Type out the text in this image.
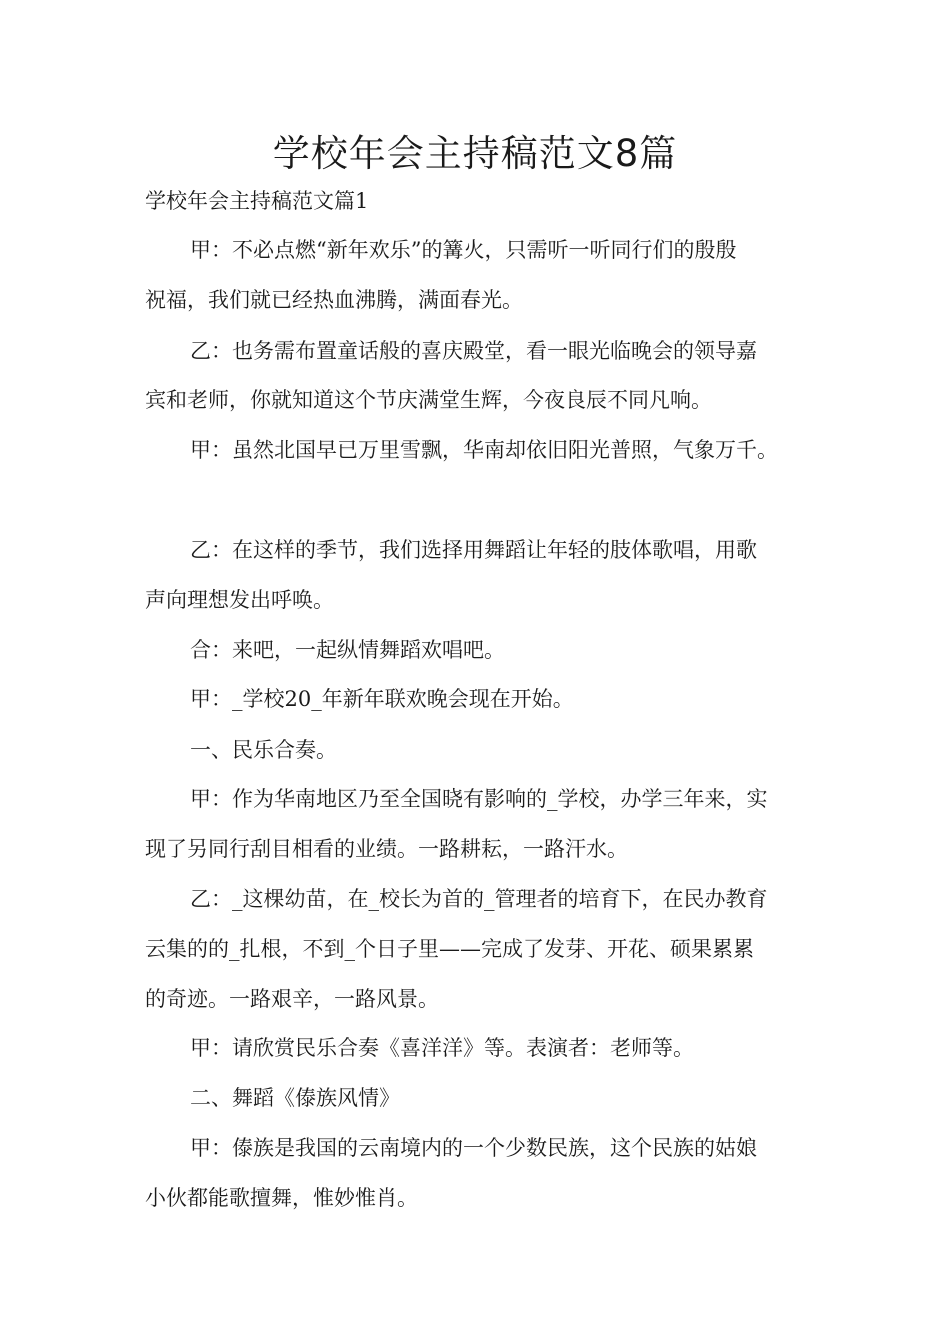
学校年会主持稿范文8篇
学校年会主持稿范文篇1

甲：不必点燃“新年欢乐”的篝火，只需听一听同行们的殷殷

祝福，我们就已经热血沸腾，满面春光。

乙：也务需布置童话般的喜庆殿堂，看一眼光临晚会的领导嘉

宾和老师，你就知道这个节庆满堂生辉，今夜良辰不同凡响。

甲：虽然北国早已万里雪飘，华南却依旧阳光普照，气象万千。

乙：在这样的季节，我们选择用舞蹈让年轻的肢体歌唱，用歌

声向理想发出呼唤。

合：来吧，一起纵情舞蹈欢唱吧。

甲：_学校20_年新年联欢晚会现在开始。

一、民乐合奏。

甲：作为华南地区乃至全国晓有影响的_学校，办学三年来，实

现了另同行刮目相看的业绩。一路耕耘，一路汗水。

乙：_这棵幼苗，在_校长为首的_管理者的培育下，在民办教育

云集的的_扎根，不到_个日子里——完成了发芽、开花、硕果累累

的奇迹。一路艰辛，一路风景。

甲：请欣赏民乐合奏《喜洋洋》等。表演者：老师等。

二、舞蹈《傣族风情》

甲：傣族是我国的云南境内的一个少数民族，这个民族的姑娘

小伙都能歌擅舞，惟妙惟肖。
